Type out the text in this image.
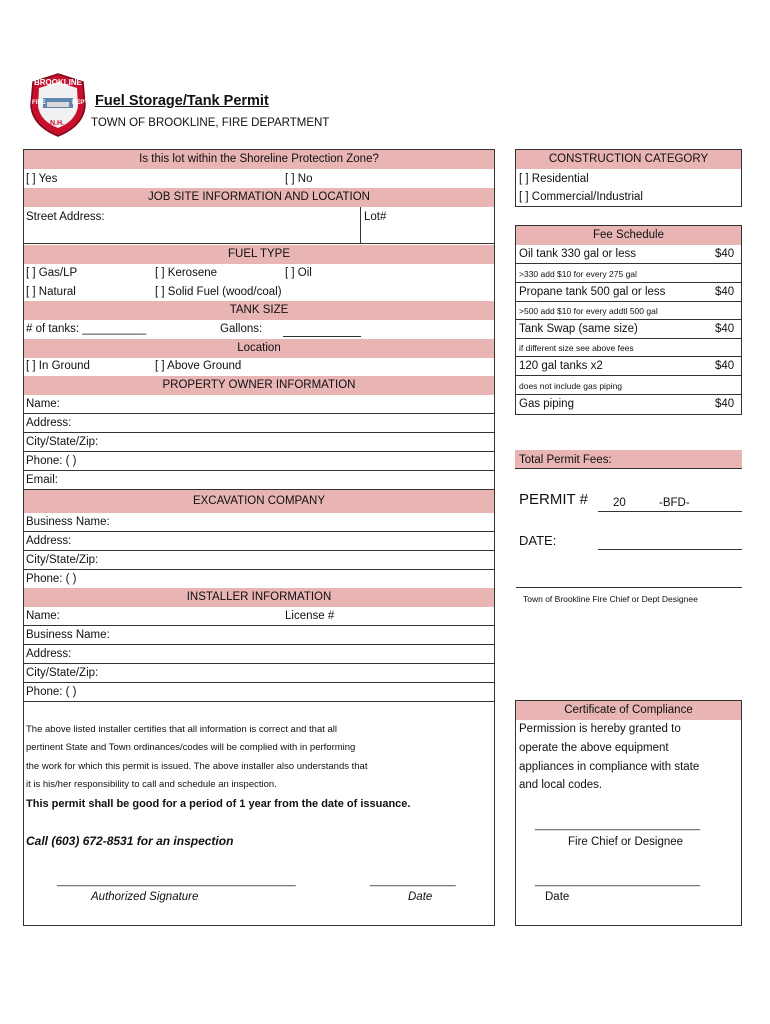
BROOKLINE
FIRE	DEPT
N.H.
Fuel Storage/Tank Permit
TOWN OF BROOKLINE, FIRE DEPARTMENT
Is this lot within the Shoreline Protection Zone?
[ ] Yes	[ ] No
JOB SITE INFORMATION AND LOCATION
Street Address:	Lot#
FUEL TYPE
[ ] Gas/LP	[ ] Kerosene	[ ] Oil
[ ] Natural	[ ] Solid Fuel (wood/coal)
TANK SIZE
# of tanks: __________	Gallons:
Location
[ ] In Ground	[ ] Above Ground
PROPERTY OWNER INFORMATION
Name:
Address:
City/State/Zip:
Phone: ( )
Email:
EXCAVATION COMPANY
Business Name:
Address:
City/State/Zip:
Phone: ( )
INSTALLER INFORMATION
Name:	License #
Business Name:
Address:
City/State/Zip:
Phone: ( )
The above listed installer certifies that all information is correct and that all
pertinent State and Town ordinances/codes will be complied with in performing
the work for which this permit is issued. The above installer also understands that
it is his/her responsibility to call and schedule an inspection.
This permit shall be good for a period of 1 year from the date of issuance.
Call (603) 672-8531 for an inspection
_______________________________________	______________
Authorized Signature	Date
CONSTRUCTION CATEGORY
[ ] Residential
[ ] Commercial/Industrial
Fee Schedule
Oil tank 330 gal or less	$40
>330 add $10 for every 275 gal
Propane tank 500 gal or less	$40
>500 add $10 for every addtl 500 gal
Tank Swap (same size)	$40
if different size see above fees
120 gal tanks x2	$40
does not include gas piping
Gas piping	$40
Total Permit Fees:
PERMIT # 20	-BFD-
DATE:
Town of Brookline Fire Chief or Dept Designee
Certificate of Compliance
Permission is hereby granted to
operate the above equipment
appliances in compliance with state
and local codes.
___________________________
Fire Chief or Designee
___________________________
Date
